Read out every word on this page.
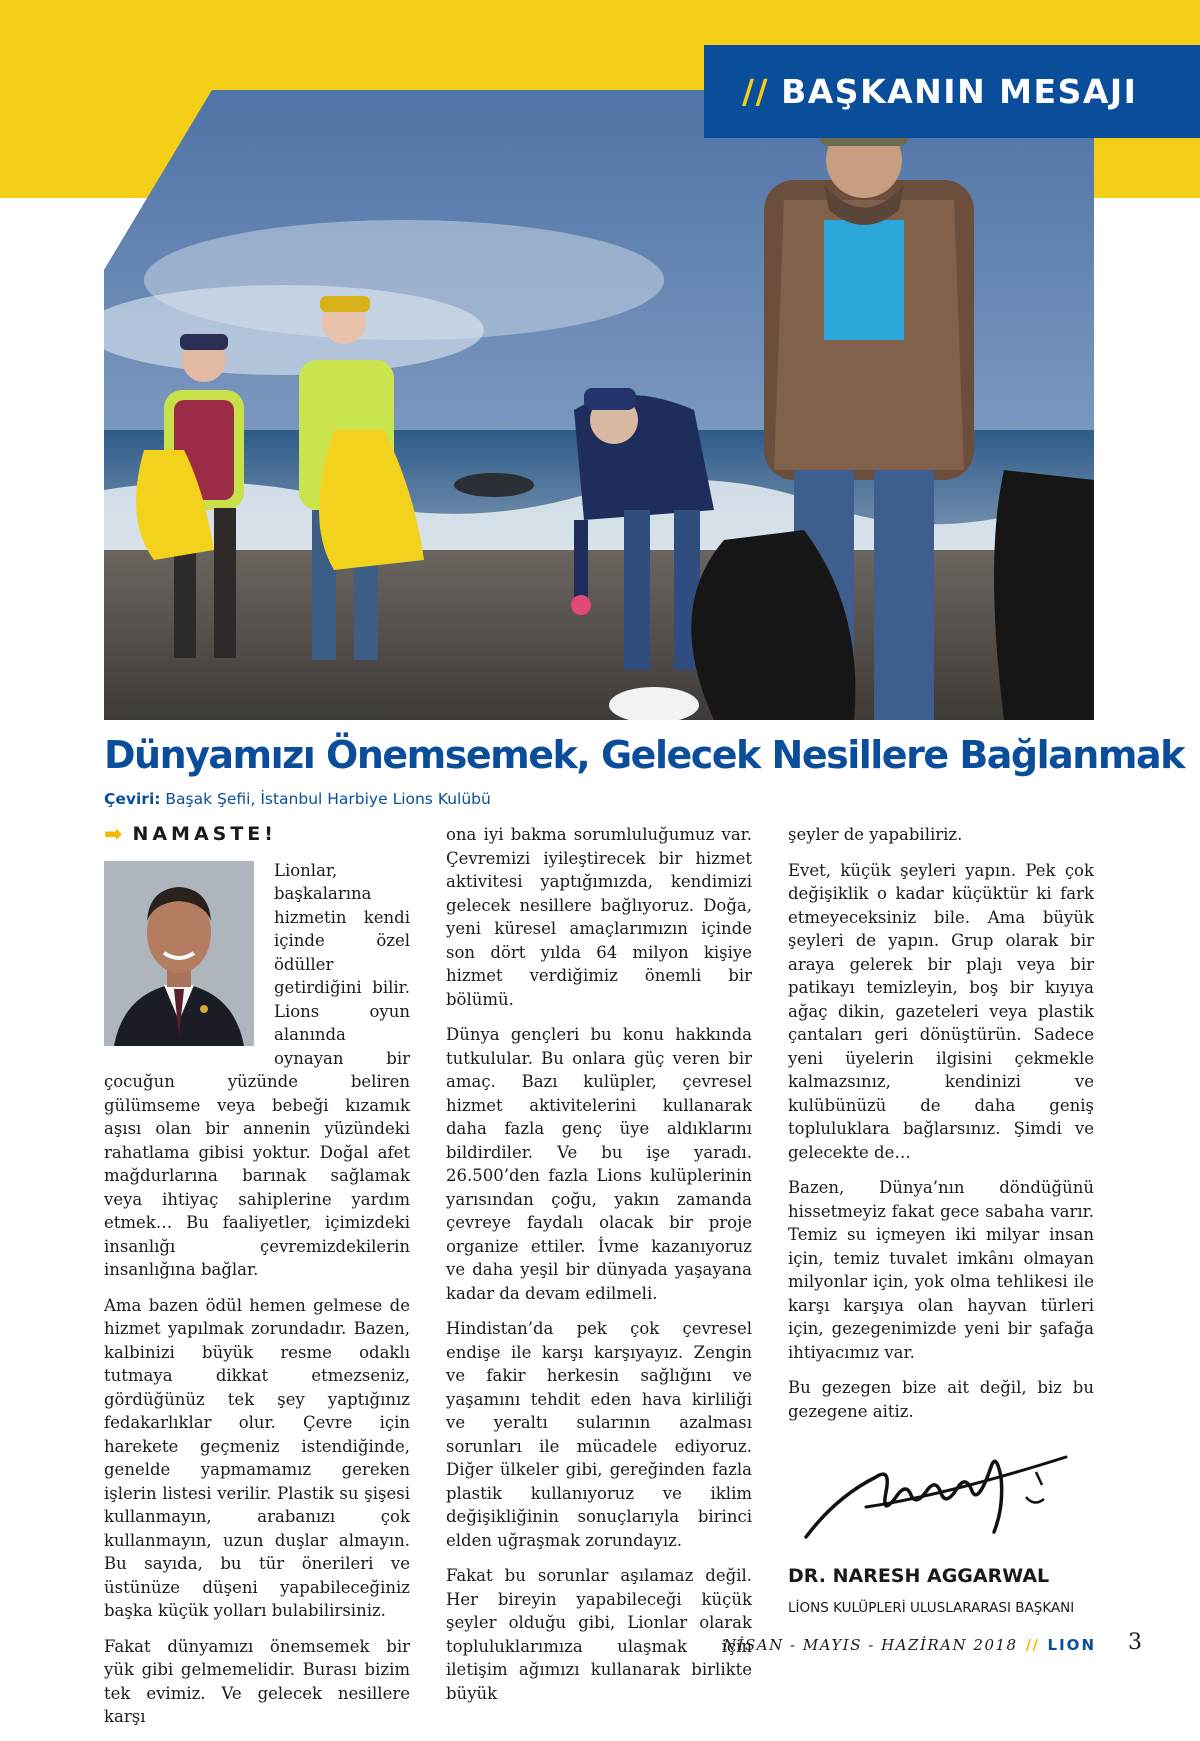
// BAŞKANIN MESAJI
Dünyamızı Önemsemek, Gelecek Nesillere Bağlanmak
Çeviri: Başak Şefii, İstanbul Harbiye Lions Kulübü
➡ NAMASTE!

Lionlar, başkalarına hizmetin kendi içinde özel ödüller getirdiğini bilir. Lions oyun alanında oynayan bir çocuğun yüzünde beliren gülümseme veya bebeği kızamık aşısı olan bir annenin yüzündeki rahatlama gibisi yoktur. Doğal afet mağdurlarına barınak sağlamak veya ihtiyaç sahiplerine yardım etmek… Bu faaliyetler, içimizdeki insanlığı çevremizdekilerin insanlığına bağlar.

Ama bazen ödül hemen gelmese de hizmet yapılmak zorundadır. Bazen, kalbinizi büyük resme odaklı tutmaya dikkat etmezseniz, gördüğünüz tek şey yaptığınız fedakarlıklar olur. Çevre için harekete geçmeniz istendiğinde, genelde yapmamamız gereken işlerin listesi verilir. Plastik su şişesi kullanmayın, arabanızı çok kullanmayın, uzun duşlar almayın. Bu sayıda, bu tür önerileri ve üstünüze düşeni yapabileceğiniz başka küçük yolları bulabilirsiniz.

Fakat dünyamızı önemsemek bir yük gibi gelmemelidir. Burası bizim tek evimiz. Ve gelecek nesillere karşı

ona iyi bakma sorumluluğumuz var. Çevremizi iyileştirecek bir hizmet aktivitesi yaptığımızda, kendimizi gelecek nesillere bağlıyoruz. Doğa, yeni küresel amaçlarımızın içinde son dört yılda 64 milyon kişiye hizmet verdiğimiz önemli bir bölümü.

Dünya gençleri bu konu hakkında tutkulular. Bu onlara güç veren bir amaç. Bazı kulüpler, çevresel hizmet aktivitelerini kullanarak daha fazla genç üye aldıklarını bildirdiler. Ve bu işe yaradı. 26.500’den fazla Lions kulüplerinin yarısından çoğu, yakın zamanda çevreye faydalı olacak bir proje organize ettiler. İvme kazanıyoruz ve daha yeşil bir dünyada yaşayana kadar da devam edilmeli.

Hindistan’da pek çok çevresel endişe ile karşı karşıyayız. Zengin ve fakir herkesin sağlığını ve yaşamını tehdit eden hava kirliliği ve yeraltı sularının azalması sorunları ile mücadele ediyoruz. Diğer ülkeler gibi, gereğinden fazla plastik kullanıyoruz ve iklim değişikliğinin sonuçlarıyla birinci elden uğraşmak zorundayız.

Fakat bu sorunlar aşılamaz değil. Her bireyin yapabileceği küçük şeyler olduğu gibi, Lionlar olarak topluluklarımıza ulaşmak için iletişim ağımızı kullanarak birlikte büyük

şeyler de yapabiliriz.

Evet, küçük şeyleri yapın. Pek çok değişiklik o kadar küçüktür ki fark etmeyeceksiniz bile. Ama büyük şeyleri de yapın. Grup olarak bir araya gelerek bir plajı veya bir patikayı temizleyin, boş bir kıyıya ağaç dikin, gazeteleri veya plastik çantaları geri dönüştürün. Sadece yeni üyelerin ilgisini çekmekle kalmazsınız, kendinizi ve kulübünüzü de daha geniş topluluklara bağlarsınız. Şimdi ve gelecekte de…

Bazen, Dünya’nın döndüğünü hissetmeyiz fakat gece sabaha varır. Temiz su içmeyen iki milyar insan için, temiz tuvalet imkânı olmayan milyonlar için, yok olma tehlikesi ile karşı karşıya olan hayvan türleri için, gezegenimizde yeni bir şafağa ihtiyacımız var.

Bu gezegen bize ait değil, biz bu gezegene aitiz.

DR. NARESH AGGARWAL
LİONS KULÜPLERİ ULUSLARARASI BAŞKANI
NİSAN - MAYIS - HAZİRAN 2018 // LION 3
